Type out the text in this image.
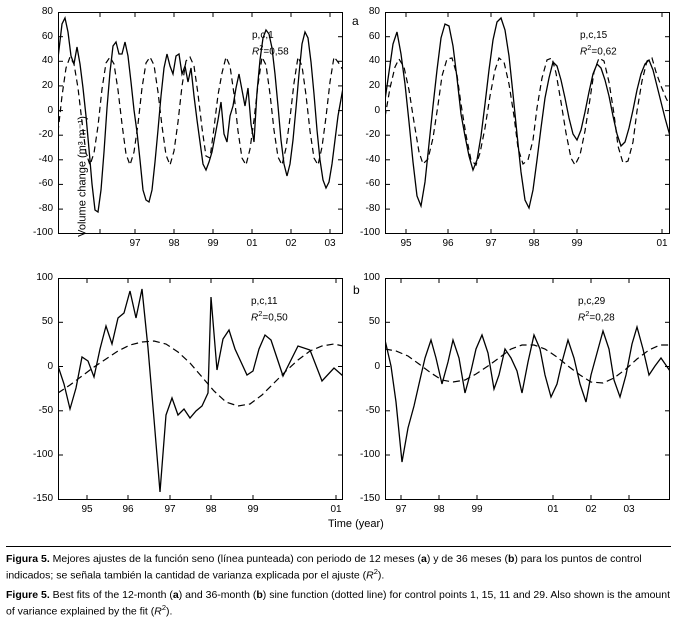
Volume change (m³ m⁻¹)
80
60
40
20
0
-20
-40
-60
-80
-100
97	98	99	01	02	03
p,c,1
$R^2=0,58$
a
80
60
40
20
0
-20
-40
-60
-80
-100
95	96	97	98	99	01
p,c,15
$R^2=0,62$
100
50
0
-50
-100
-150
95	96	97	98	99	01
p,c,11
$R^2=0,50$
100
50
0
-50
-100
-150
97	98	99	01	02	03
p,c,29
$R^2=0,28$
b
Time (year)

Figura 5. Mejores ajustes de la función seno (línea punteada) con periodo de 12 meses (a) y de 36 meses (b) para los puntos de control indicados; se señala también la cantidad de varianza explicada por el ajuste $(R^2)$.

Figure 5. Best fits of the 12-month (a) and 36-month (b) sine function (dotted line) for control points 1, 15, 11 and 29. Also shown is the amount of variance explained by the fit $(R^2)$.
